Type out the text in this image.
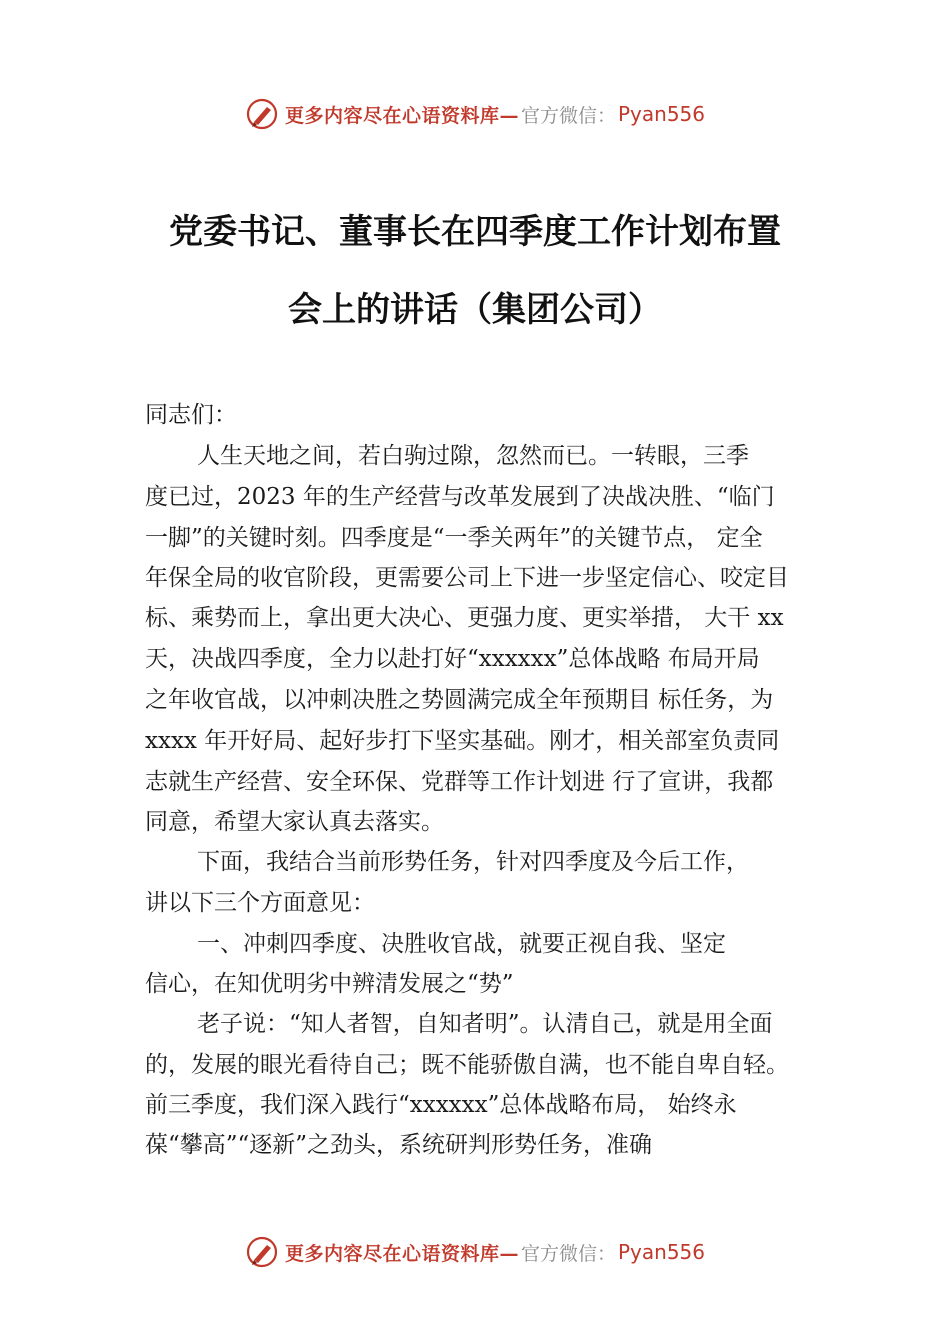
更多内容尽在心语资料库— 官方微信： Pyan556
党委书记、董事长在四季度工作计划布置
会上的讲话（集团公司）
同志们：
人生天地之间，若白驹过隙，忽然而已。一转眼，三季
度已过，2023 年的生产经营与改革发展到了决战决胜、“临门
一脚”的关键时刻。四季度是“一季关两年”的关键节点， 定全
年保全局的收官阶段，更需要公司上下进一步坚定信心、咬定目
标、乘势而上，拿出更大决心、更强力度、更实举措， 大干 xx
天，决战四季度，全力以赴打好“xxxxxx”总体战略 布局开局
之年收官战，以冲刺决胜之势圆满完成全年预期目 标任务，为
xxxx 年开好局、起好步打下坚实基础。刚才，相关部室负责同
志就生产经营、安全环保、党群等工作计划进 行了宣讲，我都
同意，希望大家认真去落实。
下面，我结合当前形势任务，针对四季度及今后工作，
讲以下三个方面意见：
一、冲刺四季度、决胜收官战，就要正视自我、坚定
信心，在知优明劣中辨清发展之“势”
老子说：“知人者智，自知者明”。认清自己，就是用全面
的，发展的眼光看待自己；既不能骄傲自满，也不能自卑自轻。
前三季度，我们深入践行“xxxxxx”总体战略布局， 始终永
葆“攀高”“逐新”之劲头，系统研判形势任务，准确
更多内容尽在心语资料库— 官方微信： Pyan556
